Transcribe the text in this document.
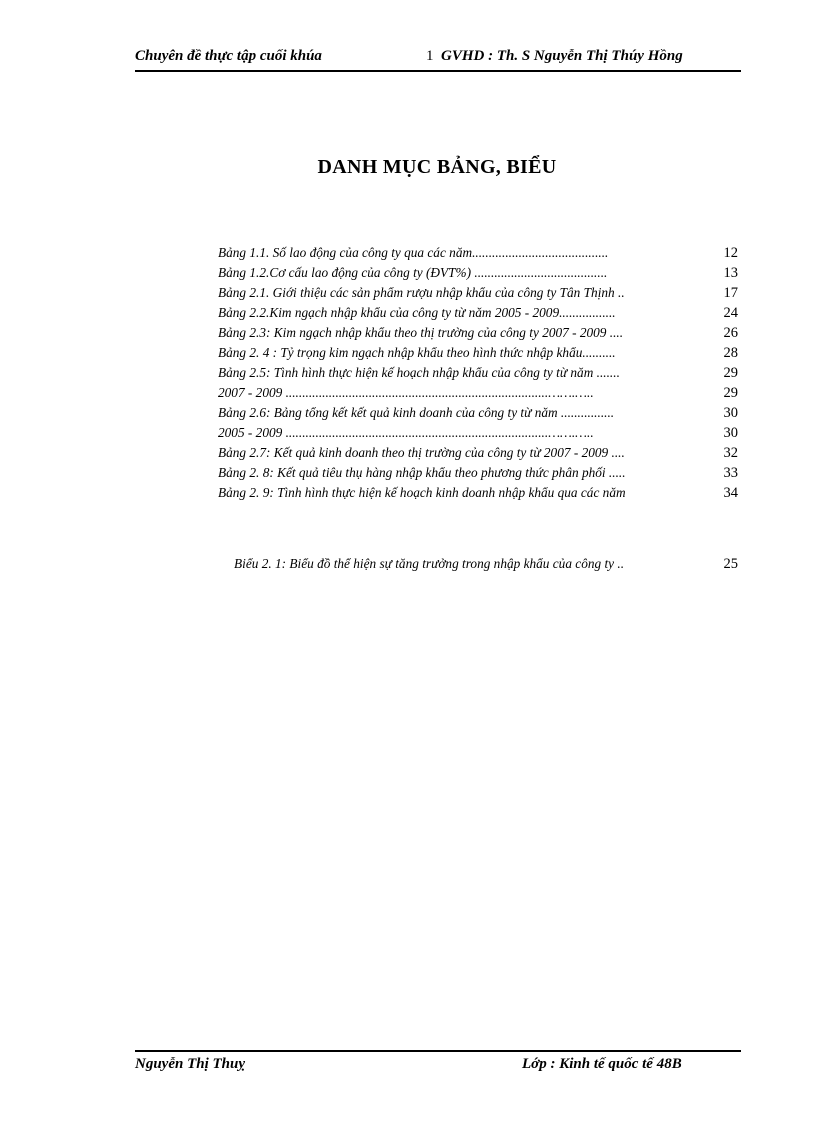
Chuyên đề thực tập cuối khúa	1 GVHD : Th. S Nguyễn Thị Thúy Hồng
DANH MỤC BẢNG, BIỂU
Bảng 1.1. Số lao động của công ty qua các năm.........................................	12
Bảng 1.2.Cơ cấu lao động của công ty (ĐVT%) ........................................	13
Bảng 2.1. Giới thiệu các sản phẩm rượu nhập khẩu của công ty Tân Thịnh ..	17
Bảng 2.2.Kim ngạch nhập khẩu của công ty từ năm 2005 - 2009.................	24
Bảng 2.3: Kim ngạch nhập khẩu theo thị trường của công ty 2007 - 2009 ....	26
Bảng 2. 4 : Tỷ trọng kim ngạch nhập khẩu theo hình thức nhập khẩu..........	28
Bảng 2.5: Tình hình thực hiện kế hoạch nhập khẩu của công ty từ năm .......	29
2007 - 2009 ...............................................................................…….…..	29
Bảng 2.6: Bảng tổng kết kết quả kinh doanh của công ty từ năm ................	30
2005 - 2009 ...............................................................................…….…..	30
Bảng 2.7: Kết quả kinh doanh theo thị trường của công ty từ 2007 - 2009 ....	32
Bảng 2. 8: Kết quả tiêu thụ hàng nhập khẩu theo phương thức phân phối .....	33
Bảng 2. 9: Tình hình thực hiện kế hoạch kinh doanh nhập khẩu qua các năm	34
Biểu 2. 1: Biểu đồ thể hiện sự tăng trưởng trong nhập khẩu của công ty ..	25
Nguyễn Thị Thuỵ	Lớp : Kinh tế quốc tế 48B
